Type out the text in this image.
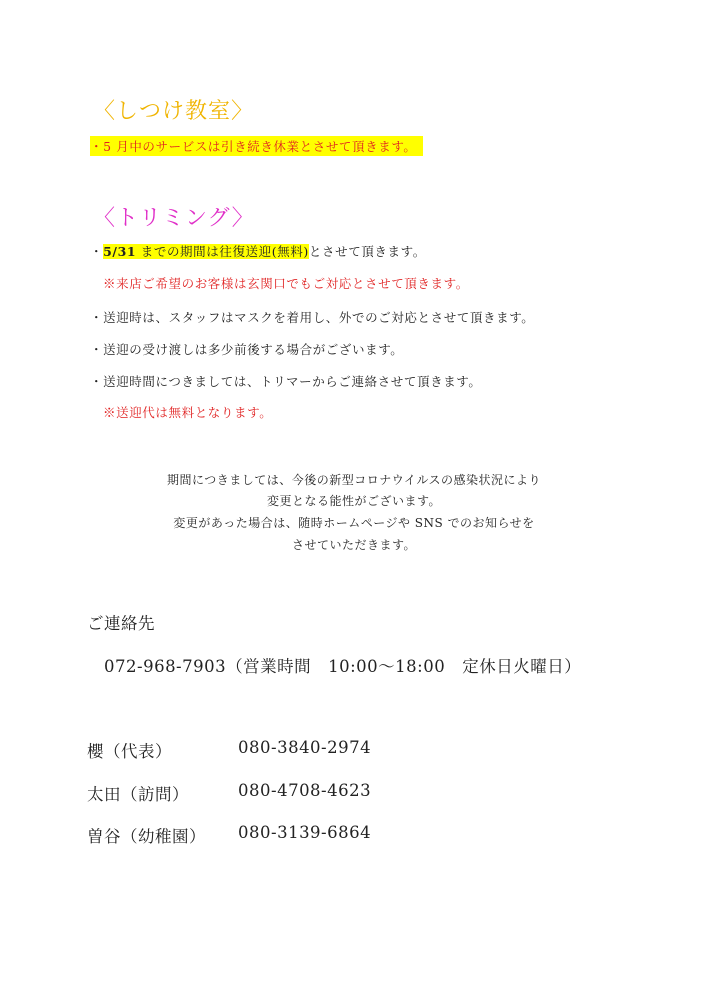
〈しつけ教室〉
・5 月中のサービスは引き続き休業とさせて頂きます。
〈トリミング〉
・5/31 までの期間は往復送迎(無料)とさせて頂きます。
※来店ご希望のお客様は玄関口でもご対応とさせて頂きます。
・送迎時は、スタッフはマスクを着用し、外でのご対応とさせて頂きます。
・送迎の受け渡しは多少前後する場合がございます。
・送迎時間につきましては、トリマーからご連絡させて頂きます。
※送迎代は無料となります。
期間につきましては、今後の新型コロナウイルスの感染状況により
変更となる能性がございます。
変更があった場合は、随時ホームページや SNS でのお知らせを
させていただきます。
ご連絡先
072-968-7903（営業時間　10:00～18:00　定休日火曜日）
櫻（代表）	080-3840-2974
太田（訪問）	080-4708-4623
曽谷（幼稚園） 080-3139-6864
